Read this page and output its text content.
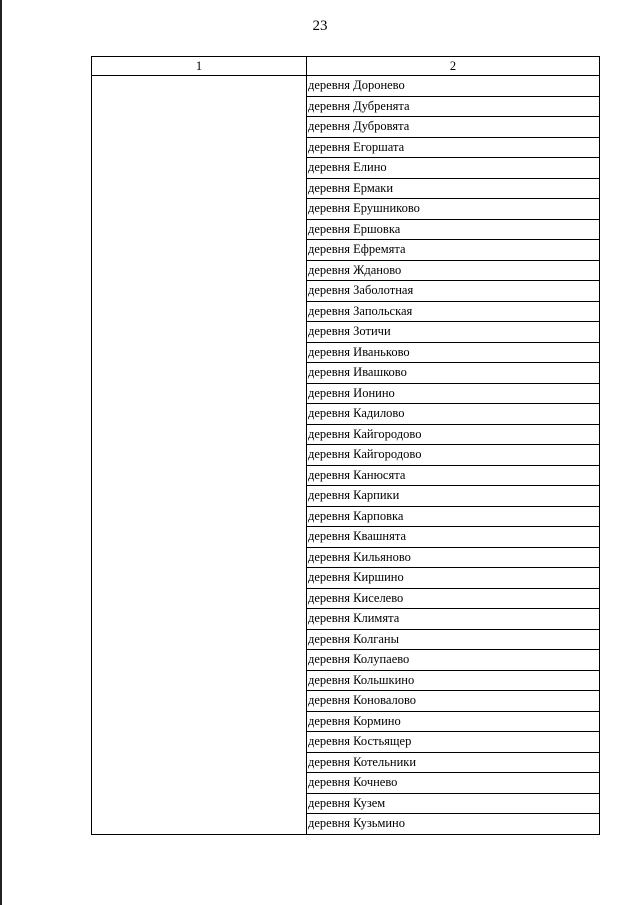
23
1	2
	деревня Доронево
	деревня Дубренята
	деревня Дубровята
	деревня Егоршата
	деревня Елино
	деревня Ермаки
	деревня Ерушниково
	деревня Ершовка
	деревня Ефремята
	деревня Жданово
	деревня Заболотная
	деревня Запольская
	деревня Зотичи
	деревня Иваньково
	деревня Ивашково
	деревня Ионино
	деревня Кадилово
	деревня Кайгородово
	деревня Кайгородово
	деревня Канюсята
	деревня Карпики
	деревня Карповка
	деревня Квашнята
	деревня Кильяново
	деревня Киршино
	деревня Киселево
	деревня Климята
	деревня Колганы
	деревня Колупаево
	деревня Кольшкино
	деревня Коновалово
	деревня Кормино
	деревня Костьящер
	деревня Котельники
	деревня Кочнево
	деревня Кузем
	деревня Кузьмино
